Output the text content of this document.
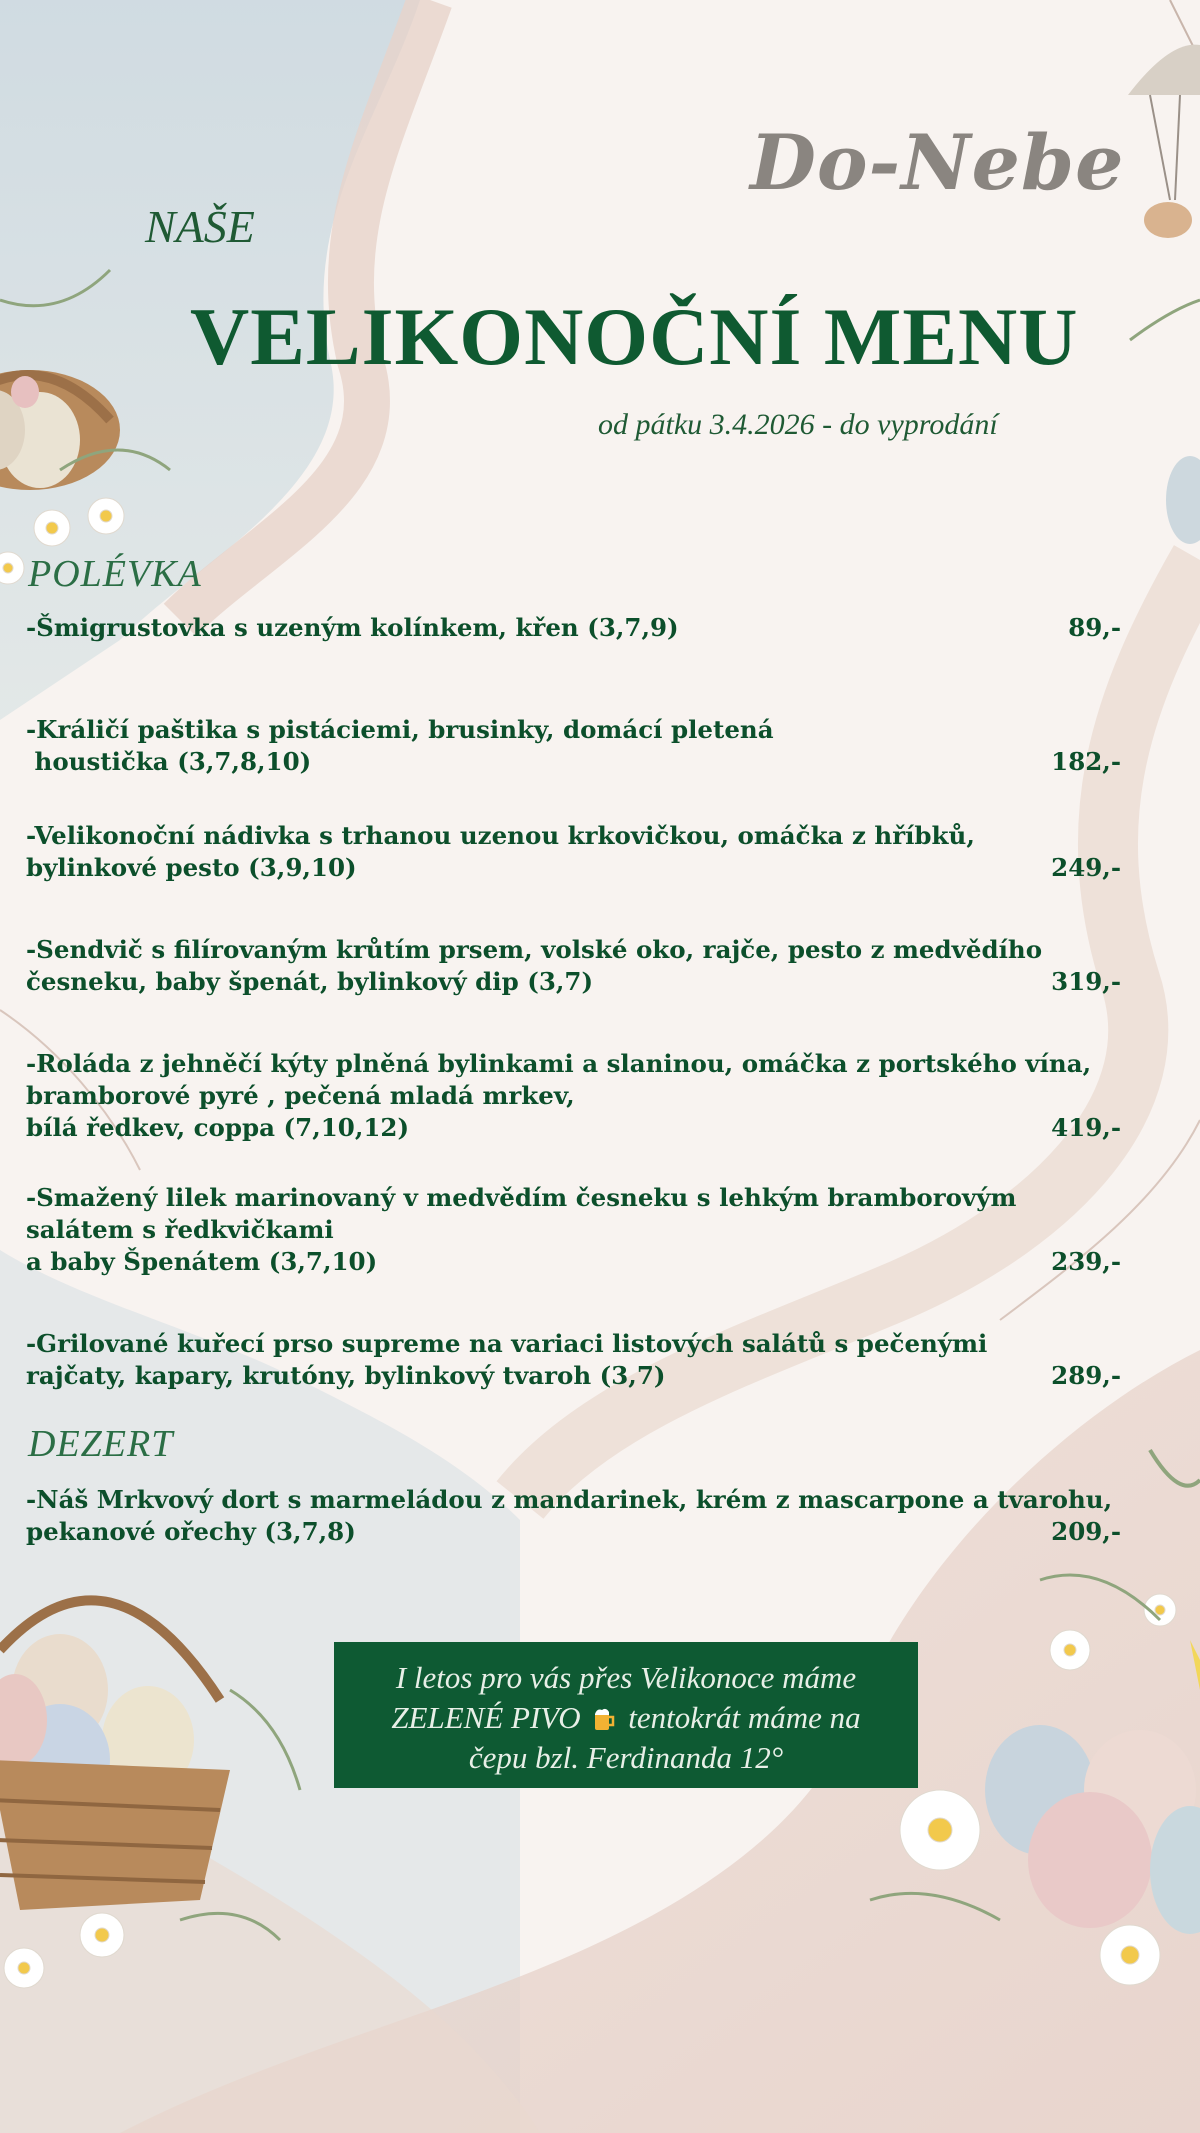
Do-Nebe
NAŠE
VELIKONOČNÍ MENU
od pátku 3.4.2026 - do vyprodání
POLÉVKA
-Šmigrustovka s uzeným kolínkem, křen (3,7,9)	89,-
-Králičí paštika s pistáciemi, brusinky, domácí pletená
houstička (3,7,8,10)	182,-
-Velikonoční nádivka s trhanou uzenou krkovičkou, omáčka z hříbků,
bylinkové pesto (3,9,10)	249,-
-Sendvič s filírovaným krůtím prsem, volské oko, rajče, pesto z medvědího
česneku, baby špenát, bylinkový dip (3,7)	319,-
-Roláda z jehněčí kýty plněná bylinkami a slaninou, omáčka z portského vína,
bramborové pyré , pečená mladá mrkev,
bílá ředkev, coppa (7,10,12)	419,-
-Smažený lilek marinovaný v medvědím česneku s lehkým bramborovým
salátem s ředkvičkami
a baby Špenátem (3,7,10)	239,-
-Grilované kuřecí prso supreme na variaci listových salátů s pečenými
rajčaty, kapary, krutóny, bylinkový tvaroh (3,7)	289,-
DEZERT
-Náš Mrkvový dort s marmeládou z mandarinek, krém z mascarpone a tvarohu,
pekanové ořechy (3,7,8)	209,-
I letos pro vás přes Velikonoce máme
ZELENÉ PIVO tentokrát máme na
čepu bzl. Ferdinanda 12°
